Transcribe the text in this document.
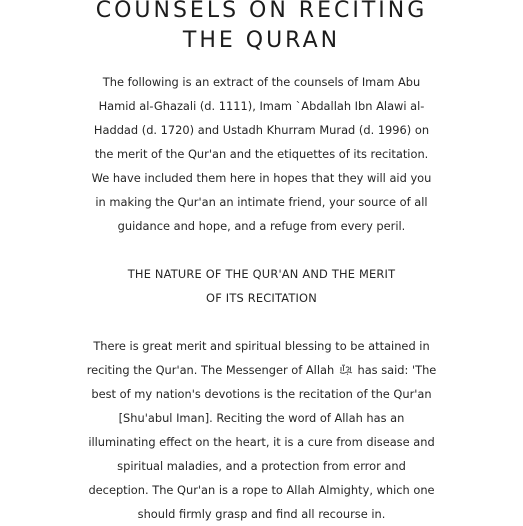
COUNSELS ON RECITING
THE QURAN

The following is an extract of the counsels of Imam Abu
Hamid al-Ghazali (d. 1111), Imam `Abdallah Ibn Alawi al-
Haddad (d. 1720) and Ustadh Khurram Murad (d. 1996) on
the merit of the Qur'an and the etiquettes of its recitation.
We have included them here in hopes that they will aid you
in making the Qur'an an intimate friend, your source of all
guidance and hope, and a refuge from every peril.

THE NATURE OF THE QUR'AN AND THE MERIT
OF ITS RECITATION

There is great merit and spiritual blessing to be attained in
reciting the Qur'an. The Messenger of Allah has said: 'The
best of my nation's devotions is the recitation of the Qur'an
[Shu'abul Iman]. Reciting the word of Allah has an
illuminating effect on the heart, it is a cure from disease and
spiritual maladies, and a protection from error and
deception. The Qur'an is a rope to Allah Almighty, which one
should firmly grasp and find all recourse in.
